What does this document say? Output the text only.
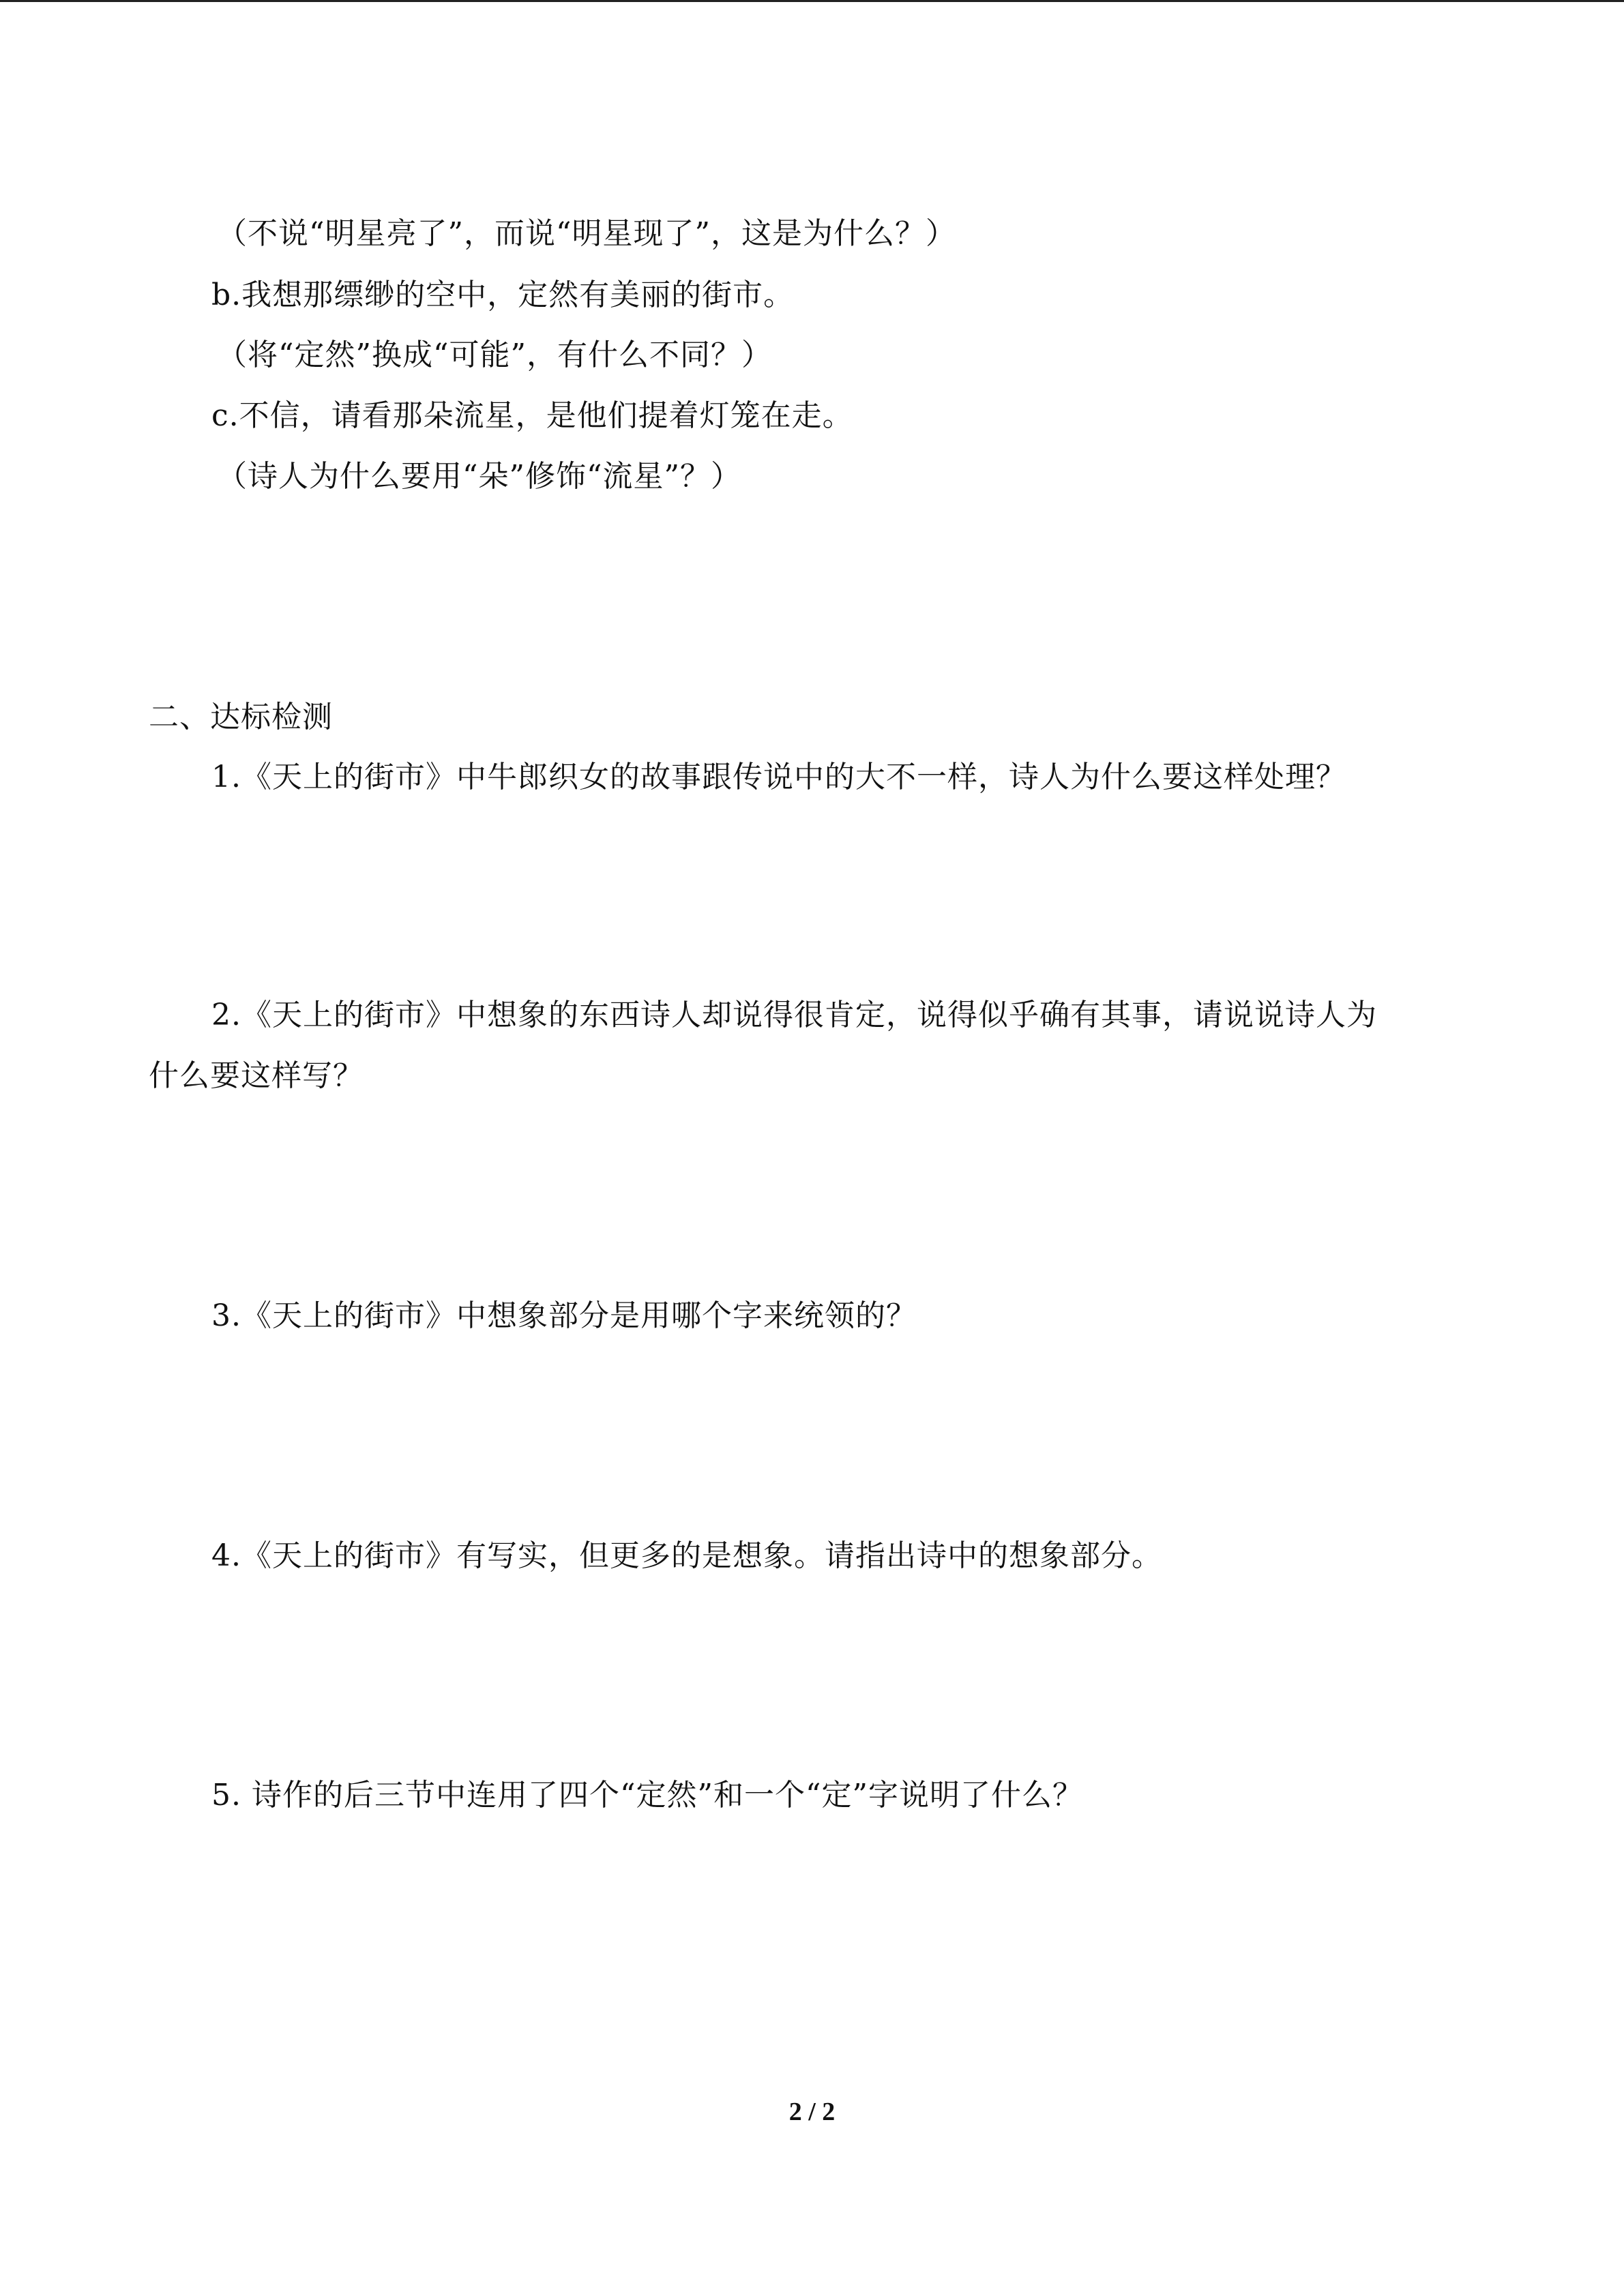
（不说“明星亮了”，而说“明星现了”，这是为什么？）
b.我想那缥缈的空中，定然有美丽的街市。
（将“定然”换成“可能”，有什么不同？）
c.不信，请看那朵流星，是他们提着灯笼在走。
（诗人为什么要用“朵”修饰“流星”？）
二、达标检测
1.《天上的街市》中牛郎织女的故事跟传说中的大不一样，诗人为什么要这样处理？
2.《天上的街市》中想象的东西诗人却说得很肯定，说得似乎确有其事，请说说诗人为
什么要这样写？
3.《天上的街市》中想象部分是用哪个字来统领的？
4.《天上的街市》有写实，但更多的是想象。请指出诗中的想象部分。
5. 诗作的后三节中连用了四个“定然”和一个“定”字说明了什么？
2 / 2
